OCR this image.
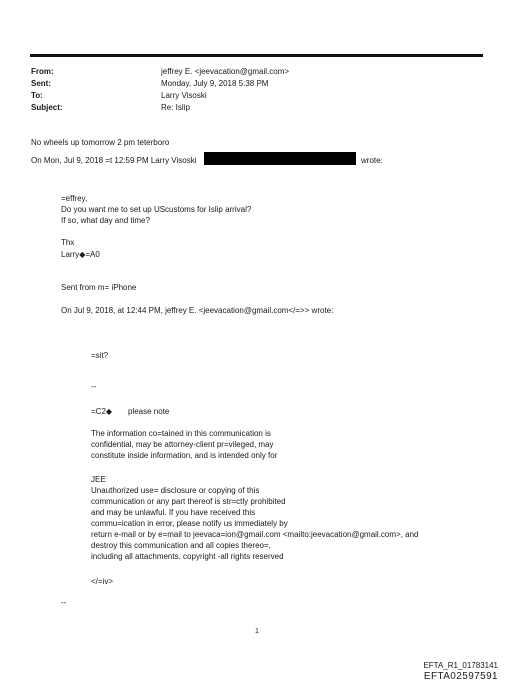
From:	jeffrey E. <jeevacation@gmail.com>
Sent:	Monday, July 9, 2018 5:38 PM
To:	Larry Visoski
Subject:	Re: Islip
No wheels up tomorrow 2 pm teterboro
On Mon, Jul 9, 2018 =t 12:59 PM Larry Visoski	wrote:
=effrey,
Do you want me to set up UScustoms for Islip arrival?
If so, what day and time?
Thx
Larry◆=A0
Sent from m= iPhone
On Jul 9, 2018, at 12:44 PM, jeffrey E. <jeevacation@gmail.com</=>> wrote:
=sit?
--
=C2◆ please note
The information co=tained in this communication is
confidential, may be attorney-client pr=vileged, may
constitute inside information, and is intended only for
JEE
Unauthorized use= disclosure or copying of this
communication or any part thereof is str=ctly prohibited
and may be unlawful. If you have received this
commu=ication in error, please notify us immediately by
return e-mail or by e=mail to jeevaca=ion@gmail.com <mailto:jeevacation@gmail.com>, and
destroy this communication and all copies thereo=,
including all attachments. copyright -all rights reserved
</=iv>
--
1
EFTA_R1_01783141
EFTA02597591
